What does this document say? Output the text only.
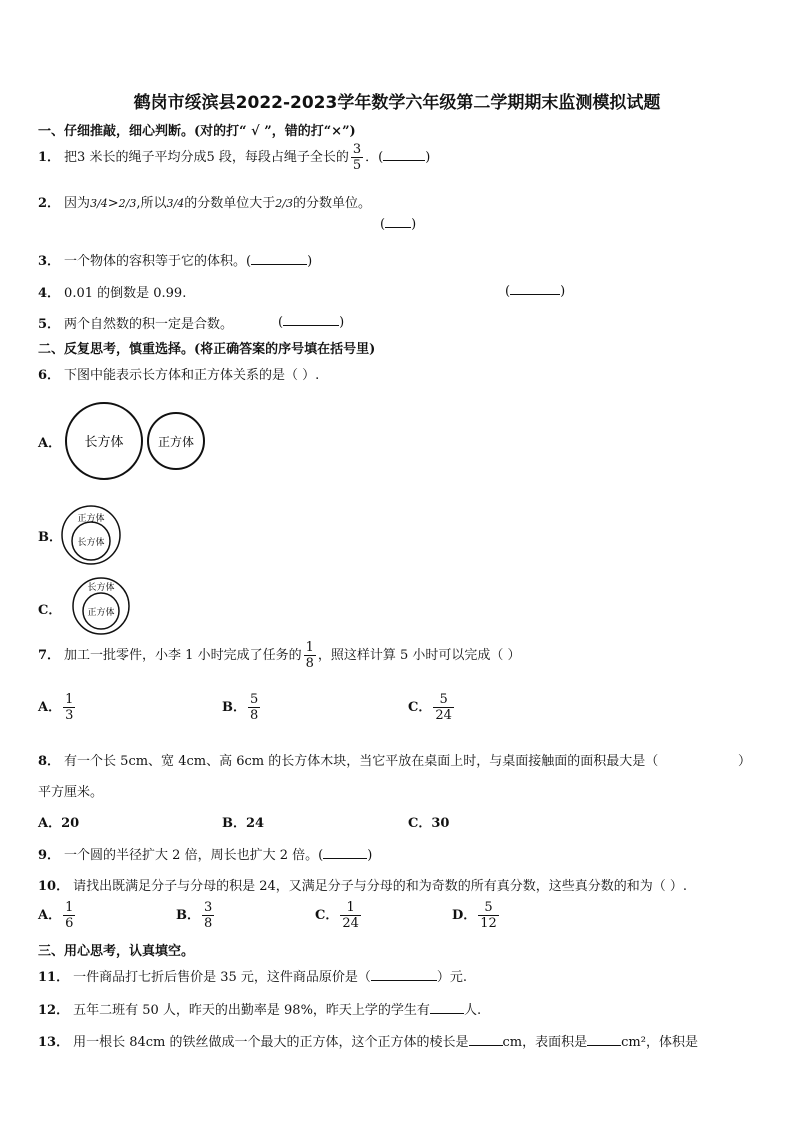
鹤岗市绥滨县2022-2023学年数学六年级第二学期期末监测模拟试题
一、仔细推敲，细心判断。(对的打“ √ ”，错的打“×”)
1． 把3 米长的绳子平均分成5 段，每段占绳子全长的 $\frac{3}{5}$ ．(	)
2． 因为3/4>2/3,所以3/4的分数单位大于2/3的分数单位。
( )
3． 一个物体的容积等于它的体积。(	)
4． 0.01 的倒数是 0.99.	(	)
5． 两个自然数的积一定是合数。	(	)
二、反复思考，慎重选择。(将正确答案的序号填在括号里)
6． 下图中能表示长方体和正方体关系的是（ ）.
A． 长方体	正方体
B．
正方体
长方体
C．
长方体
正方体
7． 加工一批零件，小李 1 小时完成了任务的 $\frac{1}{8}$ ，照这样计算 5 小时可以完成（ ）
A． $\frac{1}{3}$	B． $\frac{5}{8}$	C． $\frac{5}{24}$
8． 有一个长 5cm、宽 4cm、高 6cm 的长方体木块，当它平放在桌面上时，与桌面接触面的面积最大是（	）
平方厘米。
A．20	B．24	C．30
9． 一个圆的半径扩大 2 倍，周长也扩大 2 倍。(	)
10． 请找出既满足分子与分母的积是 24，又满足分子与分母的和为奇数的所有真分数，这些真分数的和为（ ）.
A． $\frac{1}{6}$	B． $\frac{3}{8}$	C． $\frac{1}{24}$	D． $\frac{5}{12}$
三、用心思考，认真填空。
11． 一件商品打七折后售价是 35 元，这件商品原价是（	）元.
12． 五年二班有 50 人，昨天的出勤率是 98%，昨天上学的学生有	人.
13． 用一根长 84cm 的铁丝做成一个最大的正方体，这个正方体的棱长是	cm，表面积是	cm²，体积是
